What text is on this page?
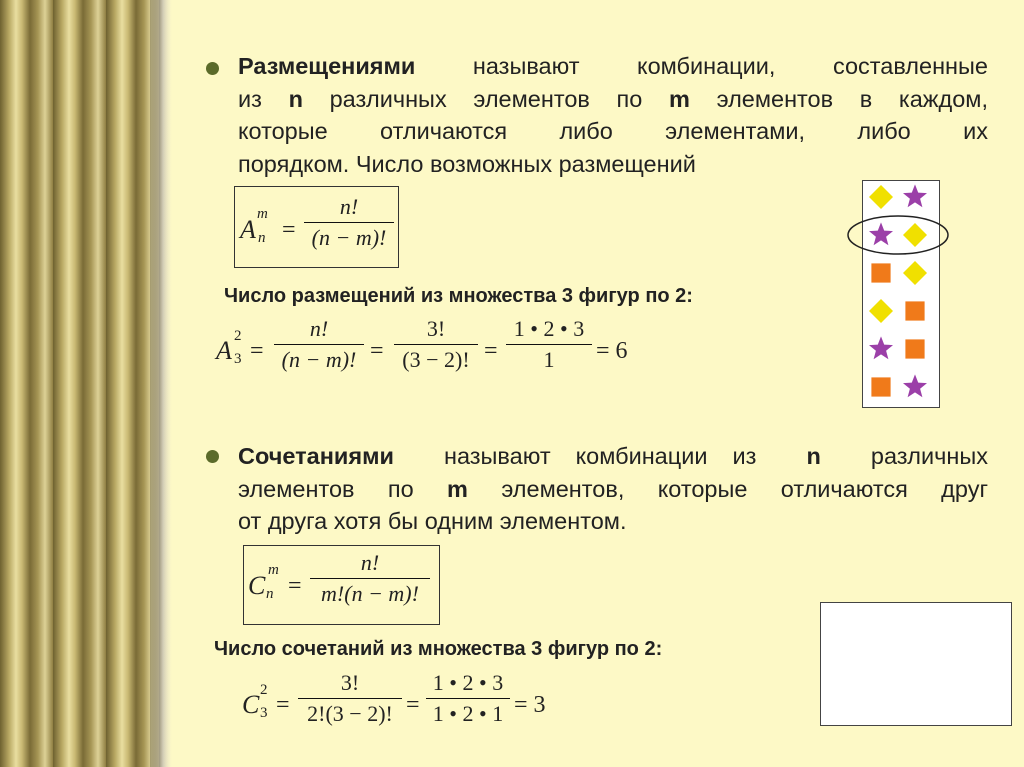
Размещениями называют комбинации, составленные
из n различных элементов по m элементов в каждом,
которые отличаются либо элементами, либо их
порядком. Число возможных размещений
A
m
n =
n!
(n − m)!
Число размещений из множества 3 фигур по 2:
A 2
3 =
n!
(n − m)! =
3!
(3 − 2)! =
1 • 2 • 3
1	= 6
Сочетаниями называют комбинации из n различных
элементов по m элементов, которые отличаются друг
от друга хотя бы одним элементом.
C
m
n =
n!
m!(n − m)!
Число сочетаний из множества 3 фигур по 2:
C 2
3 =
3!
2!(3 − 2)! =
1 • 2 • 3
1 • 2 • 1 = 3
